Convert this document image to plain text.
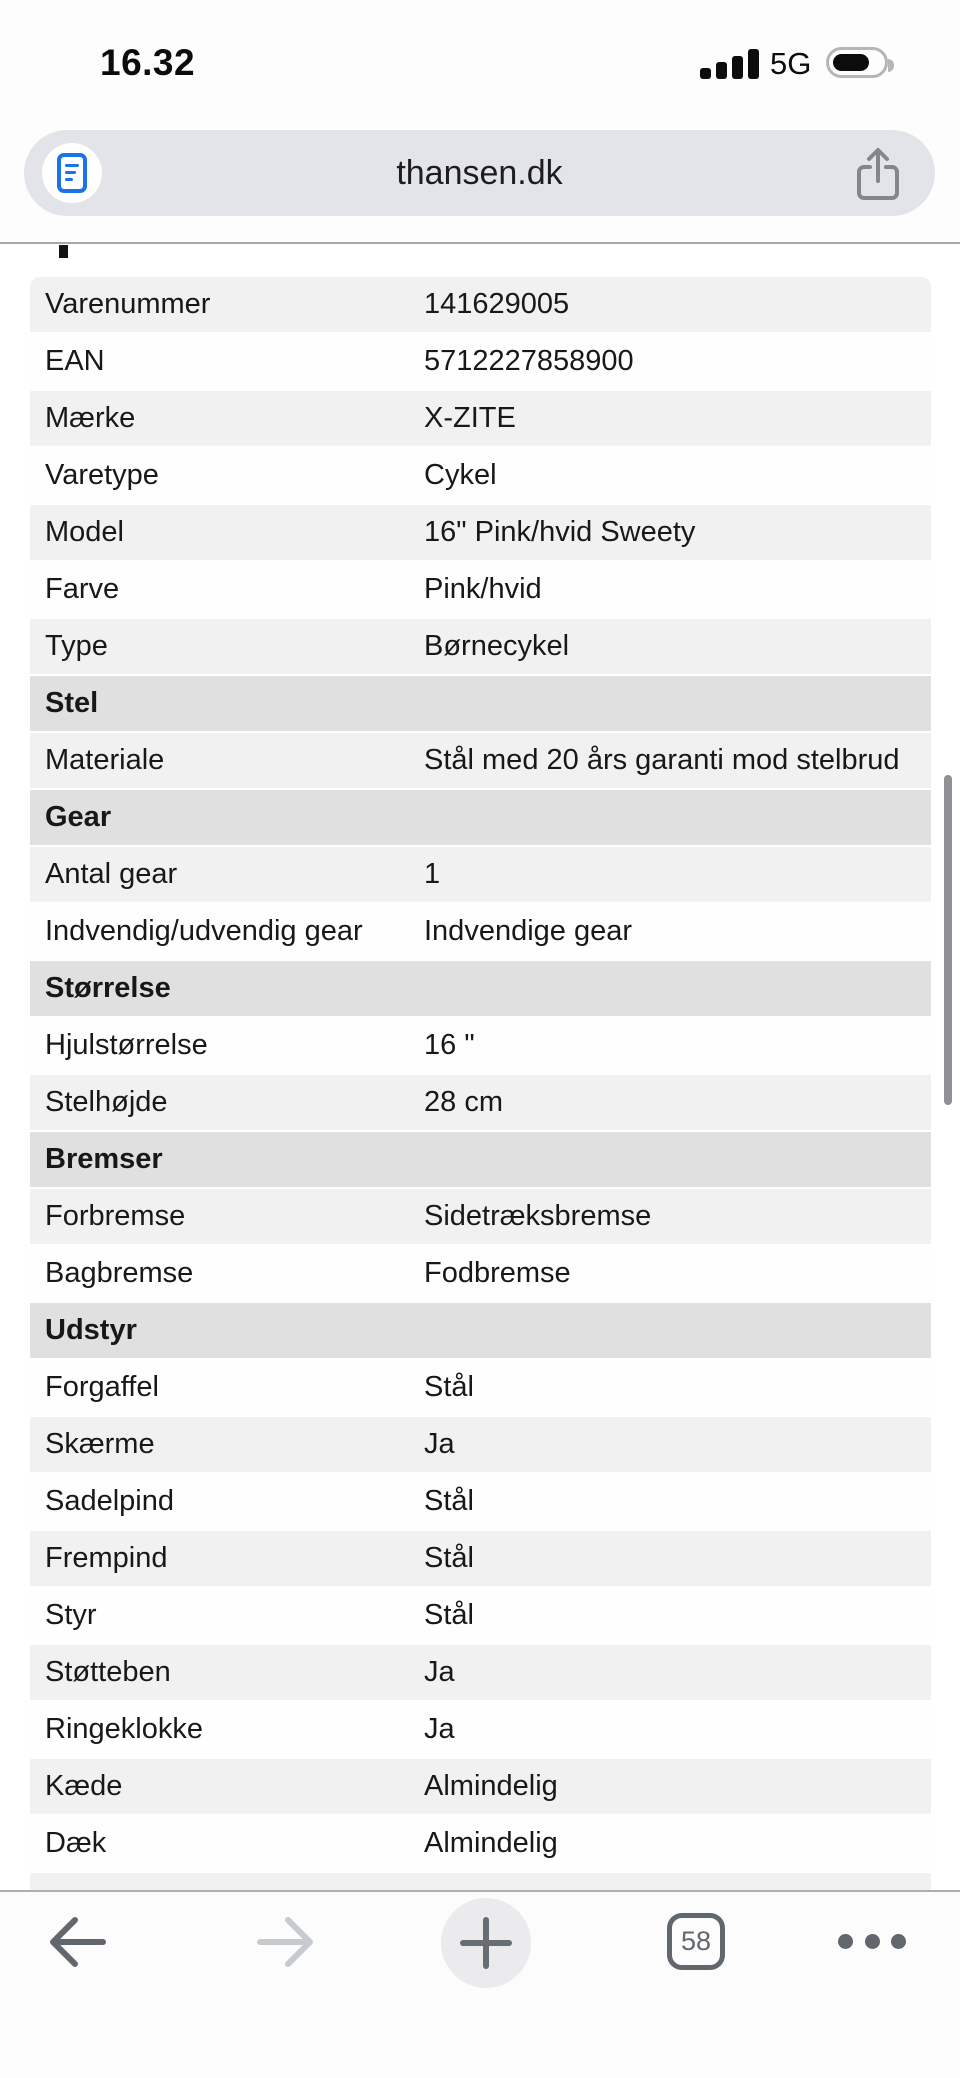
16.32	5G
thansen.dk
Varenummer	141629005
EAN	5712227858900
Mærke	X-ZITE
Varetype	Cykel
Model	16" Pink/hvid Sweety
Farve	Pink/hvid
Type	Børnecykel
Stel
Materiale	Stål med 20 års garanti mod stelbrud
Gear
Antal gear	1
Indvendig/udvendig gear	Indvendige gear
Størrelse
Hjulstørrelse	16 "
Stelhøjde	28 cm
Bremser
Forbremse	Sidetræksbremse
Bagbremse	Fodbremse
Udstyr
Forgaffel	Stål
Skærme	Ja
Sadelpind	Stål
Frempind	Stål
Styr	Stål
Støtteben	Ja
Ringeklokke	Ja
Kæde	Almindelig
Dæk	Almindelig
58
